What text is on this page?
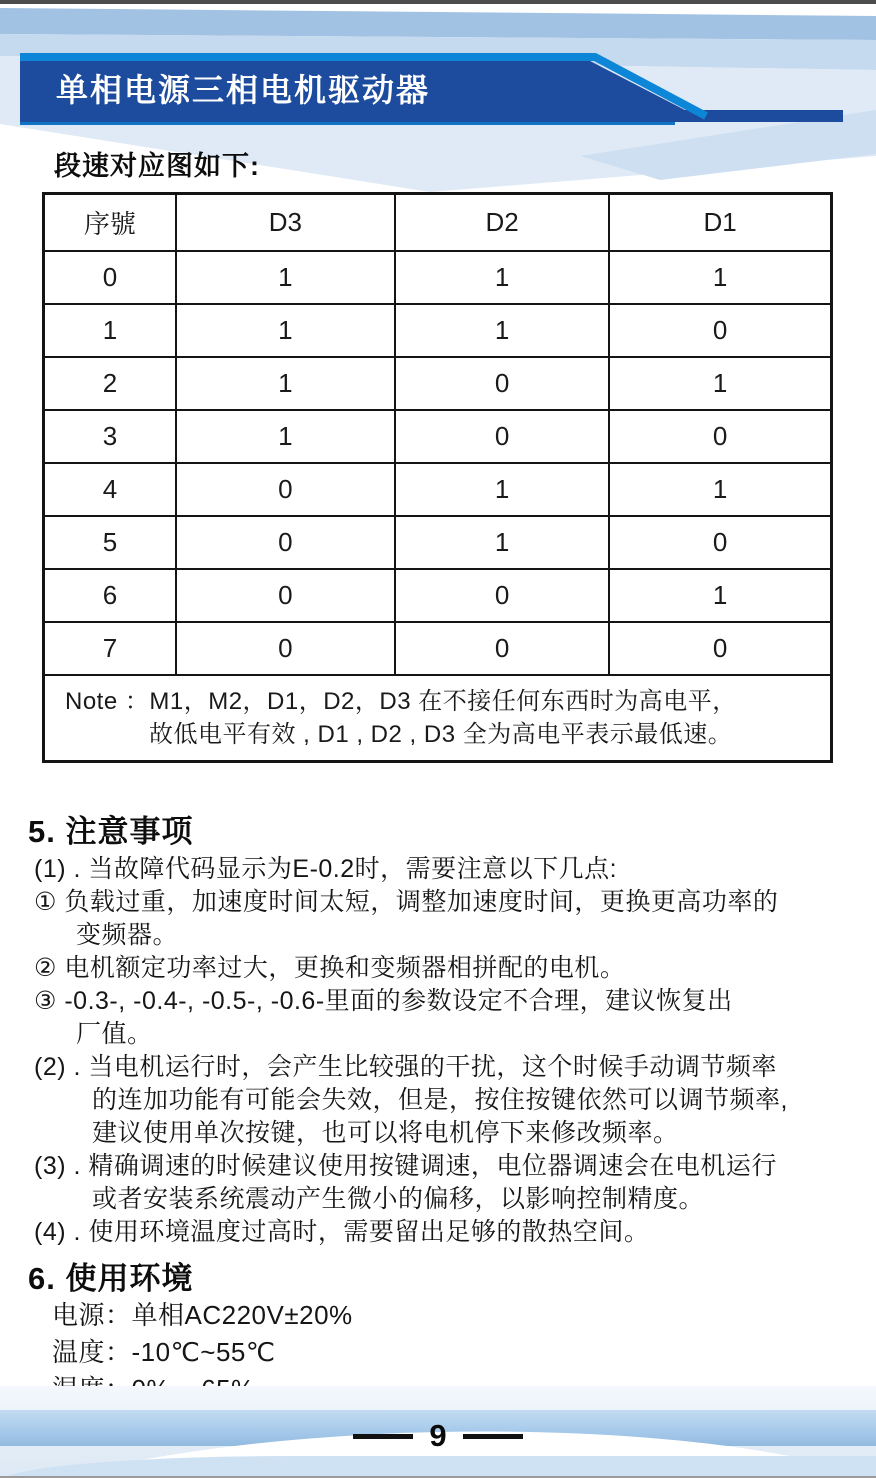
单相电源三相电机驱动器
段速对应图如下:
序號	D3	D2	D1
0	1	1	1
1	1	1	0
2	1	0	1
3	1	0	0
4	0	1	1
5	0	1	0
6	0	0	1
7	0	0	0

Note ：M1，M2，D1，D2，D3 在不接任何东西时为高电平，
故低电平有效 , D1 , D2 , D3 全为高电平表示最低速。			
5. 注意事项
(1) . 当故障代码显示为E-0.2时，需要注意以下几点:
① 负载过重，加速度时间太短，调整加速度时间，更换更高功率的
变频器。
② 电机额定功率过大，更换和变频器相拼配的电机。
③ -0.3-, -0.4-, -0.5-, -0.6-里面的参数设定不合理，建议恢复出
厂值。
(2) . 当电机运行时，会产生比较强的干扰，这个时候手动调节频率
的连加功能有可能会失效，但是，按住按键依然可以调节频率,
建议使用单次按键，也可以将电机停下来修改频率。
(3) . 精确调速的时候建议使用按键调速，电位器调速会在电机运行
或者安装系统震动产生微小的偏移，以影响控制精度。
(4) . 使用环境温度过高时，需要留出足够的散热空间。
6. 使用环境
电源：单相AC220V±20%
温度：-10℃~55℃
9
